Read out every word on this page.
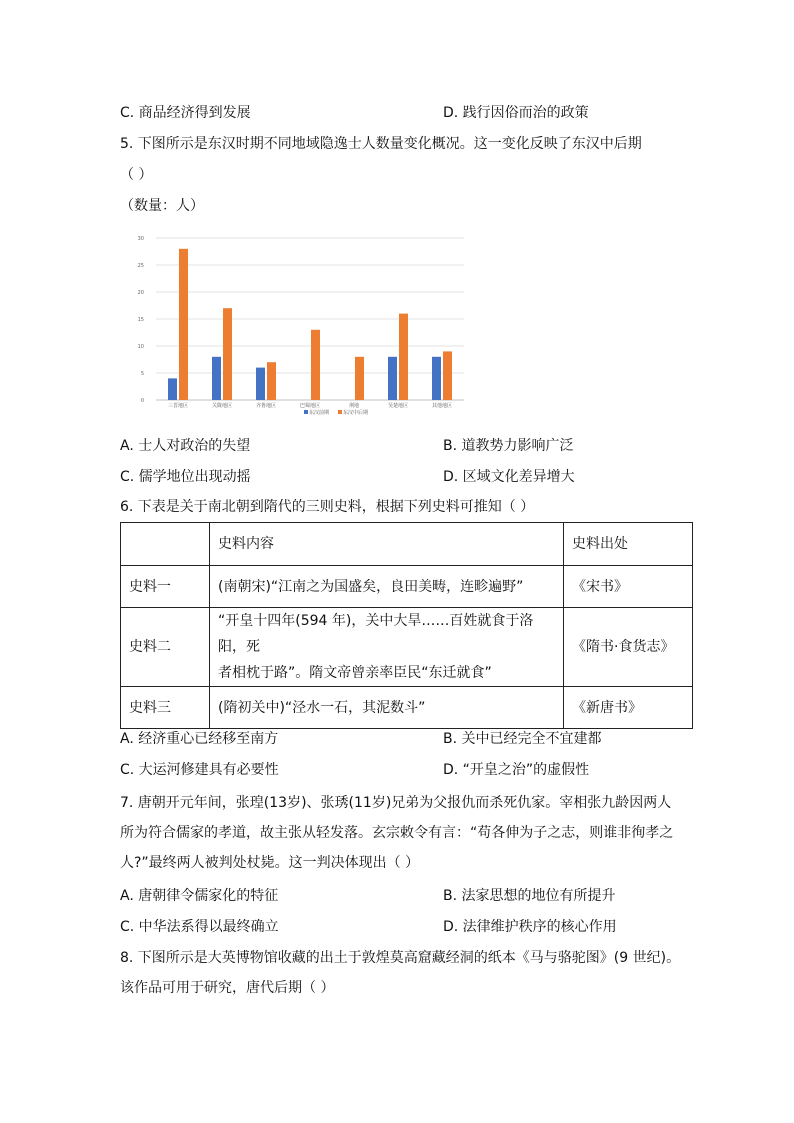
C. 商品经济得到发展	D. 践行因俗而治的政策
5. 下图所示是东汉时期不同地域隐逸士人数量变化概况。这一变化反映了东汉中后期
（ ）
（数量：人）
0
5
10
15
20
25
30
三晋地区	关陇地区	齐鲁地区	巴蜀地区	荆地	吴楚地区	其他地区
东汉前期	东汉中后期
A. 士人对政治的失望	B. 道教势力影响广泛
C. 儒学地位出现动摇	D. 区域文化差异增大
6. 下表是关于南北朝到隋代的三则史料，根据下列史料可推知（ ）
	史料内容	史料出处
史料一	(南朝宋)“江南之为国盛矣，良田美畴，连畛遍野”	《宋书》
史料二	“开皇十四年(594 年)，关中大旱……百姓就食于洛阳，死
者相枕于路”。隋文帝曾亲率臣民“东迁就食”	《隋书·食货志》
史料三	(隋初关中)“泾水一石，其泥数斗”	《新唐书》
A. 经济重心已经移至南方	B. 关中已经完全不宜建都
C. 大运河修建具有必要性	D. “开皇之治”的虚假性
7. 唐朝开元年间，张瑝(13岁)、张琇(11岁)兄弟为父报仇而杀死仇家。宰相张九龄因两人
所为符合儒家的孝道，故主张从轻发落。玄宗敕令有言：“苟各伸为子之志，则谁非徇孝之
人?”最终两人被判处杖毙。这一判决体现出（ ）
A. 唐朝律令儒家化的特征	B. 法家思想的地位有所提升
C. 中华法系得以最终确立	D. 法律维护秩序的核心作用
8. 下图所示是大英博物馆收藏的出土于敦煌莫高窟藏经洞的纸本《马与骆驼图》(9 世纪)。
该作品可用于研究，唐代后期（ ）
